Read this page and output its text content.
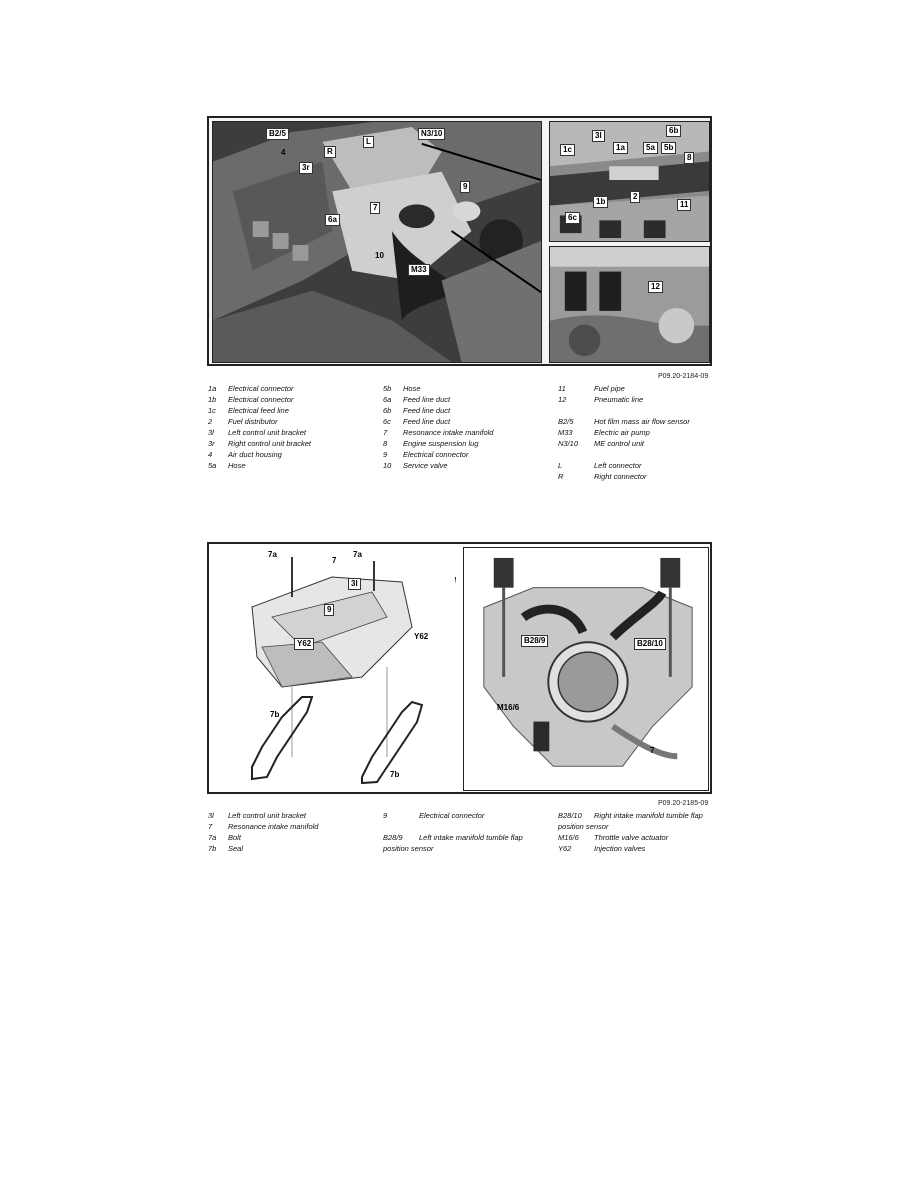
B2/5
L
N3/10
R
4
3r
9
7
6a
10
M33
3l
6b
1c	1a	5a	5b
8
2
1b	11
6c
12
P09.20-2184-09
1a Electrical connector
1b Electrical connector
1c Electrical feed line
2 Fuel distributor
3l Left control unit bracket
3r Right control unit bracket
4 Air duct housing
5a Hose
5b Hose
6a Feed line duct
6b Feed line duct
6c Feed line duct
7 Resonance intake manifold
8 Engine suspension lug
9 Electrical connector
10 Service valve
11	Fuel pipe
12	Pneumatic line
B2/5	Hot film mass air flow sensor
M33	Electric air pump
N3/10 ME control unit
L	Left connector
R	Right connector
7a
7
7a
3l
9
Y62
Y62
7b
7b
B28/9	B28/10
M16/6
7
P09.20-2185-09
3l Left control unit bracket
7 Resonance intake manifold
7a Bolt
7b Seal
9	Electrical connector
B28/9 Left intake manifold tumble flap
position sensor
B28/10 Right intake manifold tumble flap
position sensor
M16/6 Throttle valve actuator
Y62	Injection valves
